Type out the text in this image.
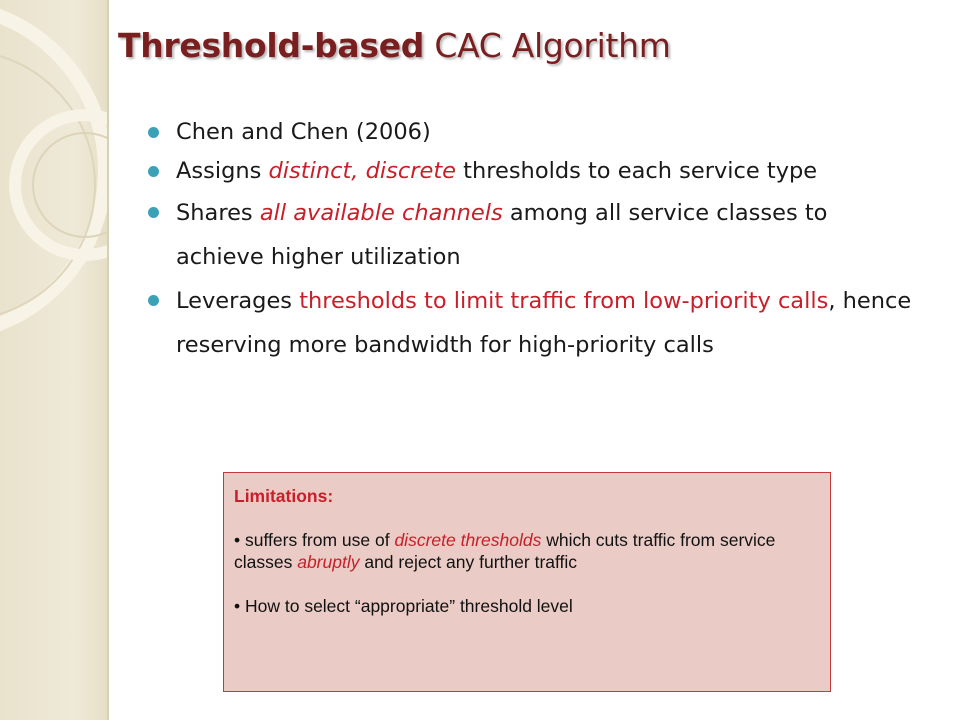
Threshold-based CAC Algorithm
Chen and Chen (2006)
Assigns distinct, discrete thresholds to each service type
Shares all available channels among all service classes to achieve higher utilization
Leverages thresholds to limit traffic from low-priority calls, hence reserving more bandwidth for high-priority calls
Limitations:

• suffers from use of discrete thresholds which cuts traffic from service classes abruptly and reject any further traffic

• How to select “appropriate” threshold level
